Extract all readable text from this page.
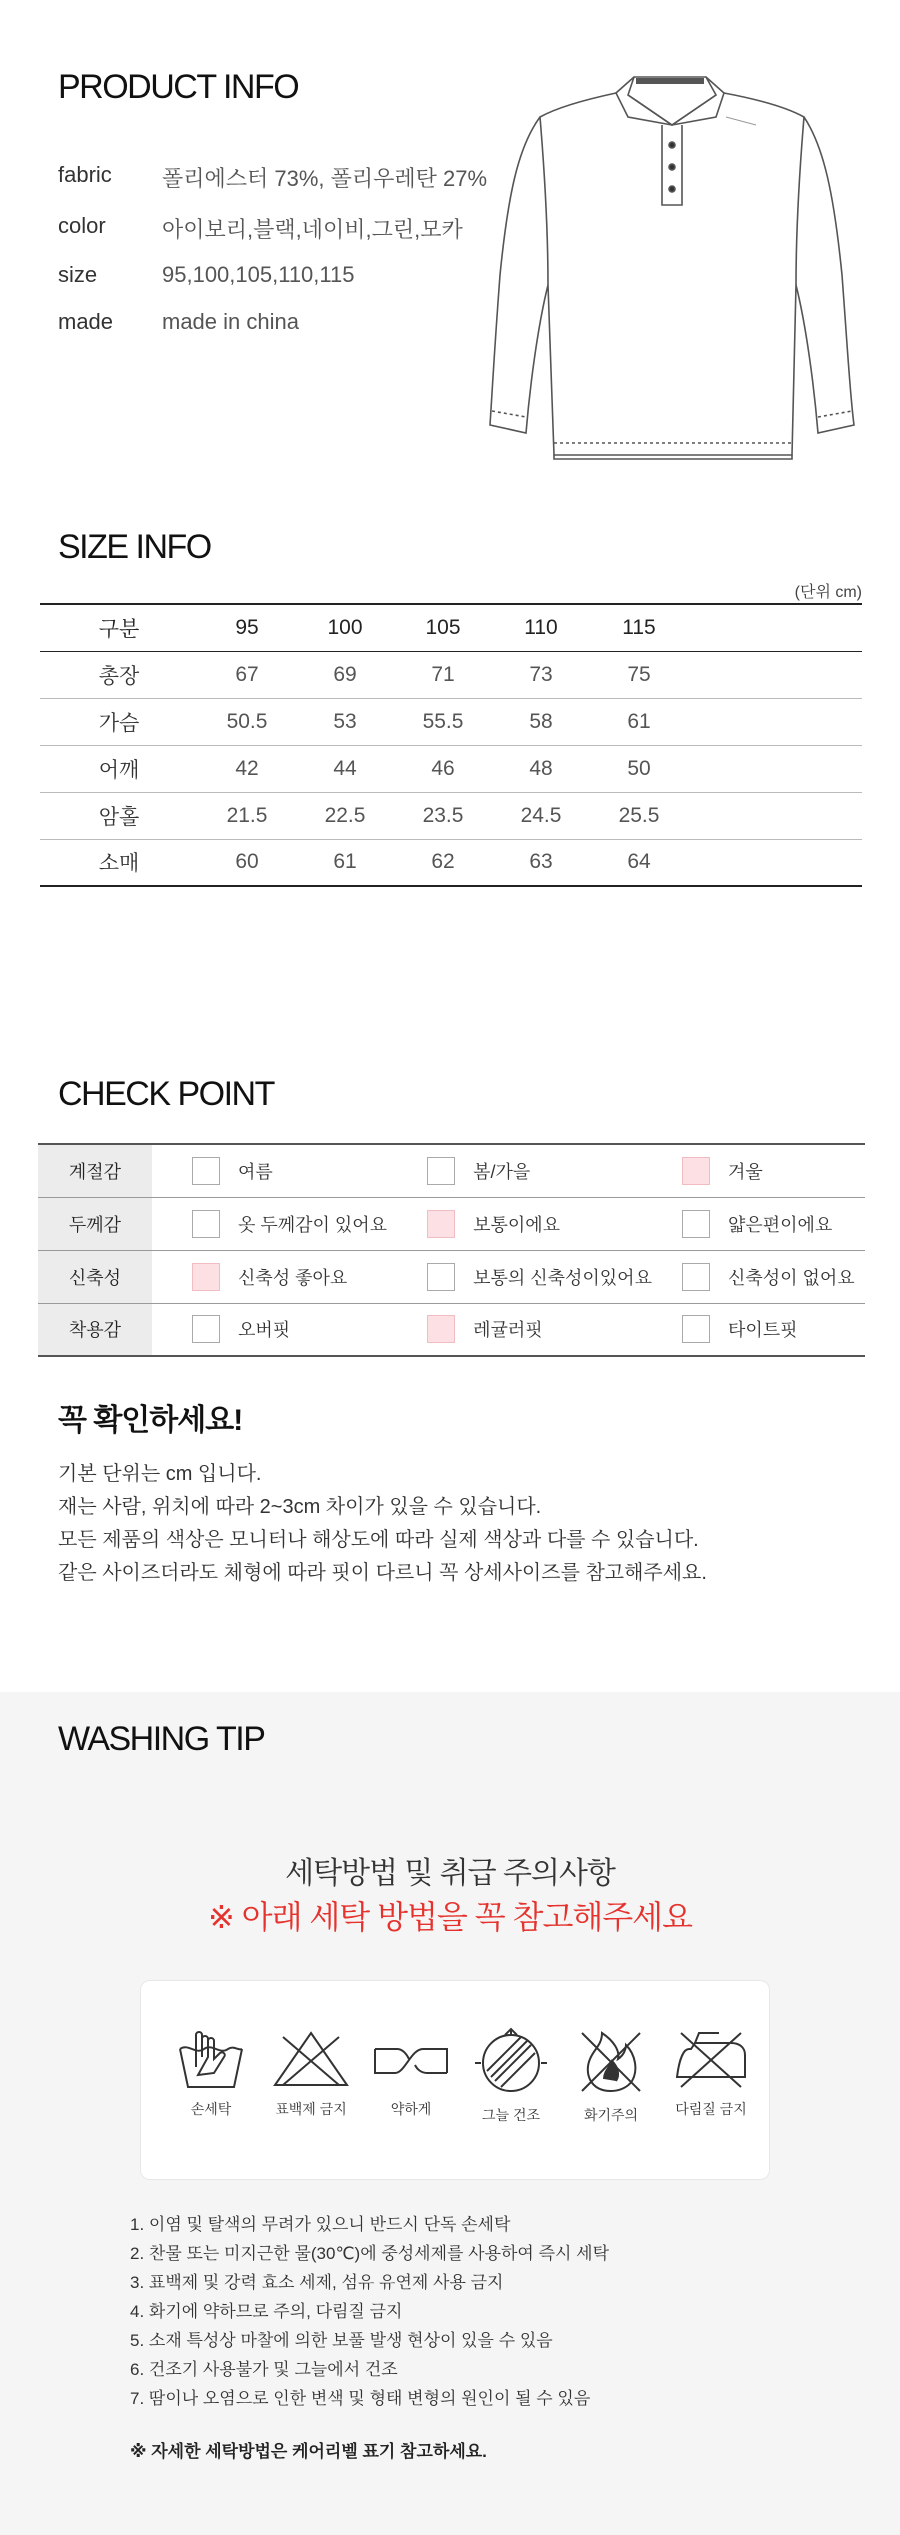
PRODUCT INFO
fabric	폴리에스터 73%, 폴리우레탄 27%
color	아이보리,블랙,네이비,그린,모카
size	95,100,105,110,115
made	made in china
SIZE INFO
(단위 cm)
구분	95	100	105	110	115	
총장	67	69	71	73	75	
가슴	50.5	53	55.5	58	61	
어깨	42	44	46	48	50	
암홀	21.5	22.5	23.5	24.5	25.5	
소매	60	61	62	63	64	
CHECK POINT
계절감	여름	봄/가을	겨울

두께감	옷 두께감이 있어요	보통이에요	얇은편이에요

신축성	신축성 좋아요	보통의 신축성이있어요	신축성이 없어요

착용감	오버핏	레귤러핏	타이트핏
꼭 확인하세요!
기본 단위는 cm 입니다.
재는 사람, 위치에 따라 2~3cm 차이가 있을 수 있습니다.
모든 제품의 색상은 모니터나 해상도에 따라 실제 색상과 다를 수 있습니다.
같은 사이즈더라도 체형에 따라 핏이 다르니 꼭 상세사이즈를 참고해주세요.
WASHING TIP
세탁방법 및 취급 주의사항
※ 아래 세탁 방법을 꼭 참고해주세요
손세탁	표백제 금지	약하게	그늘 건조	화기주의	다림질 금지
1. 이염 및 탈색의 무려가 있으니 반드시 단독 손세탁
2. 찬물 또는 미지근한 물(30℃)에 중성세제를 사용하여 즉시 세탁
3. 표백제 및 강력 효소 세제, 섬유 유연제 사용 금지
4. 화기에 약하므로 주의, 다림질 금지
5. 소재 특성상 마찰에 의한 보풀 발생 현상이 있을 수 있음
6. 건조기 사용불가 및 그늘에서 건조
7. 땀이나 오염으로 인한 변색 및 형태 변형의 원인이 될 수 있음
※ 자세한 세탁방법은 케어리벨 표기 참고하세요.
